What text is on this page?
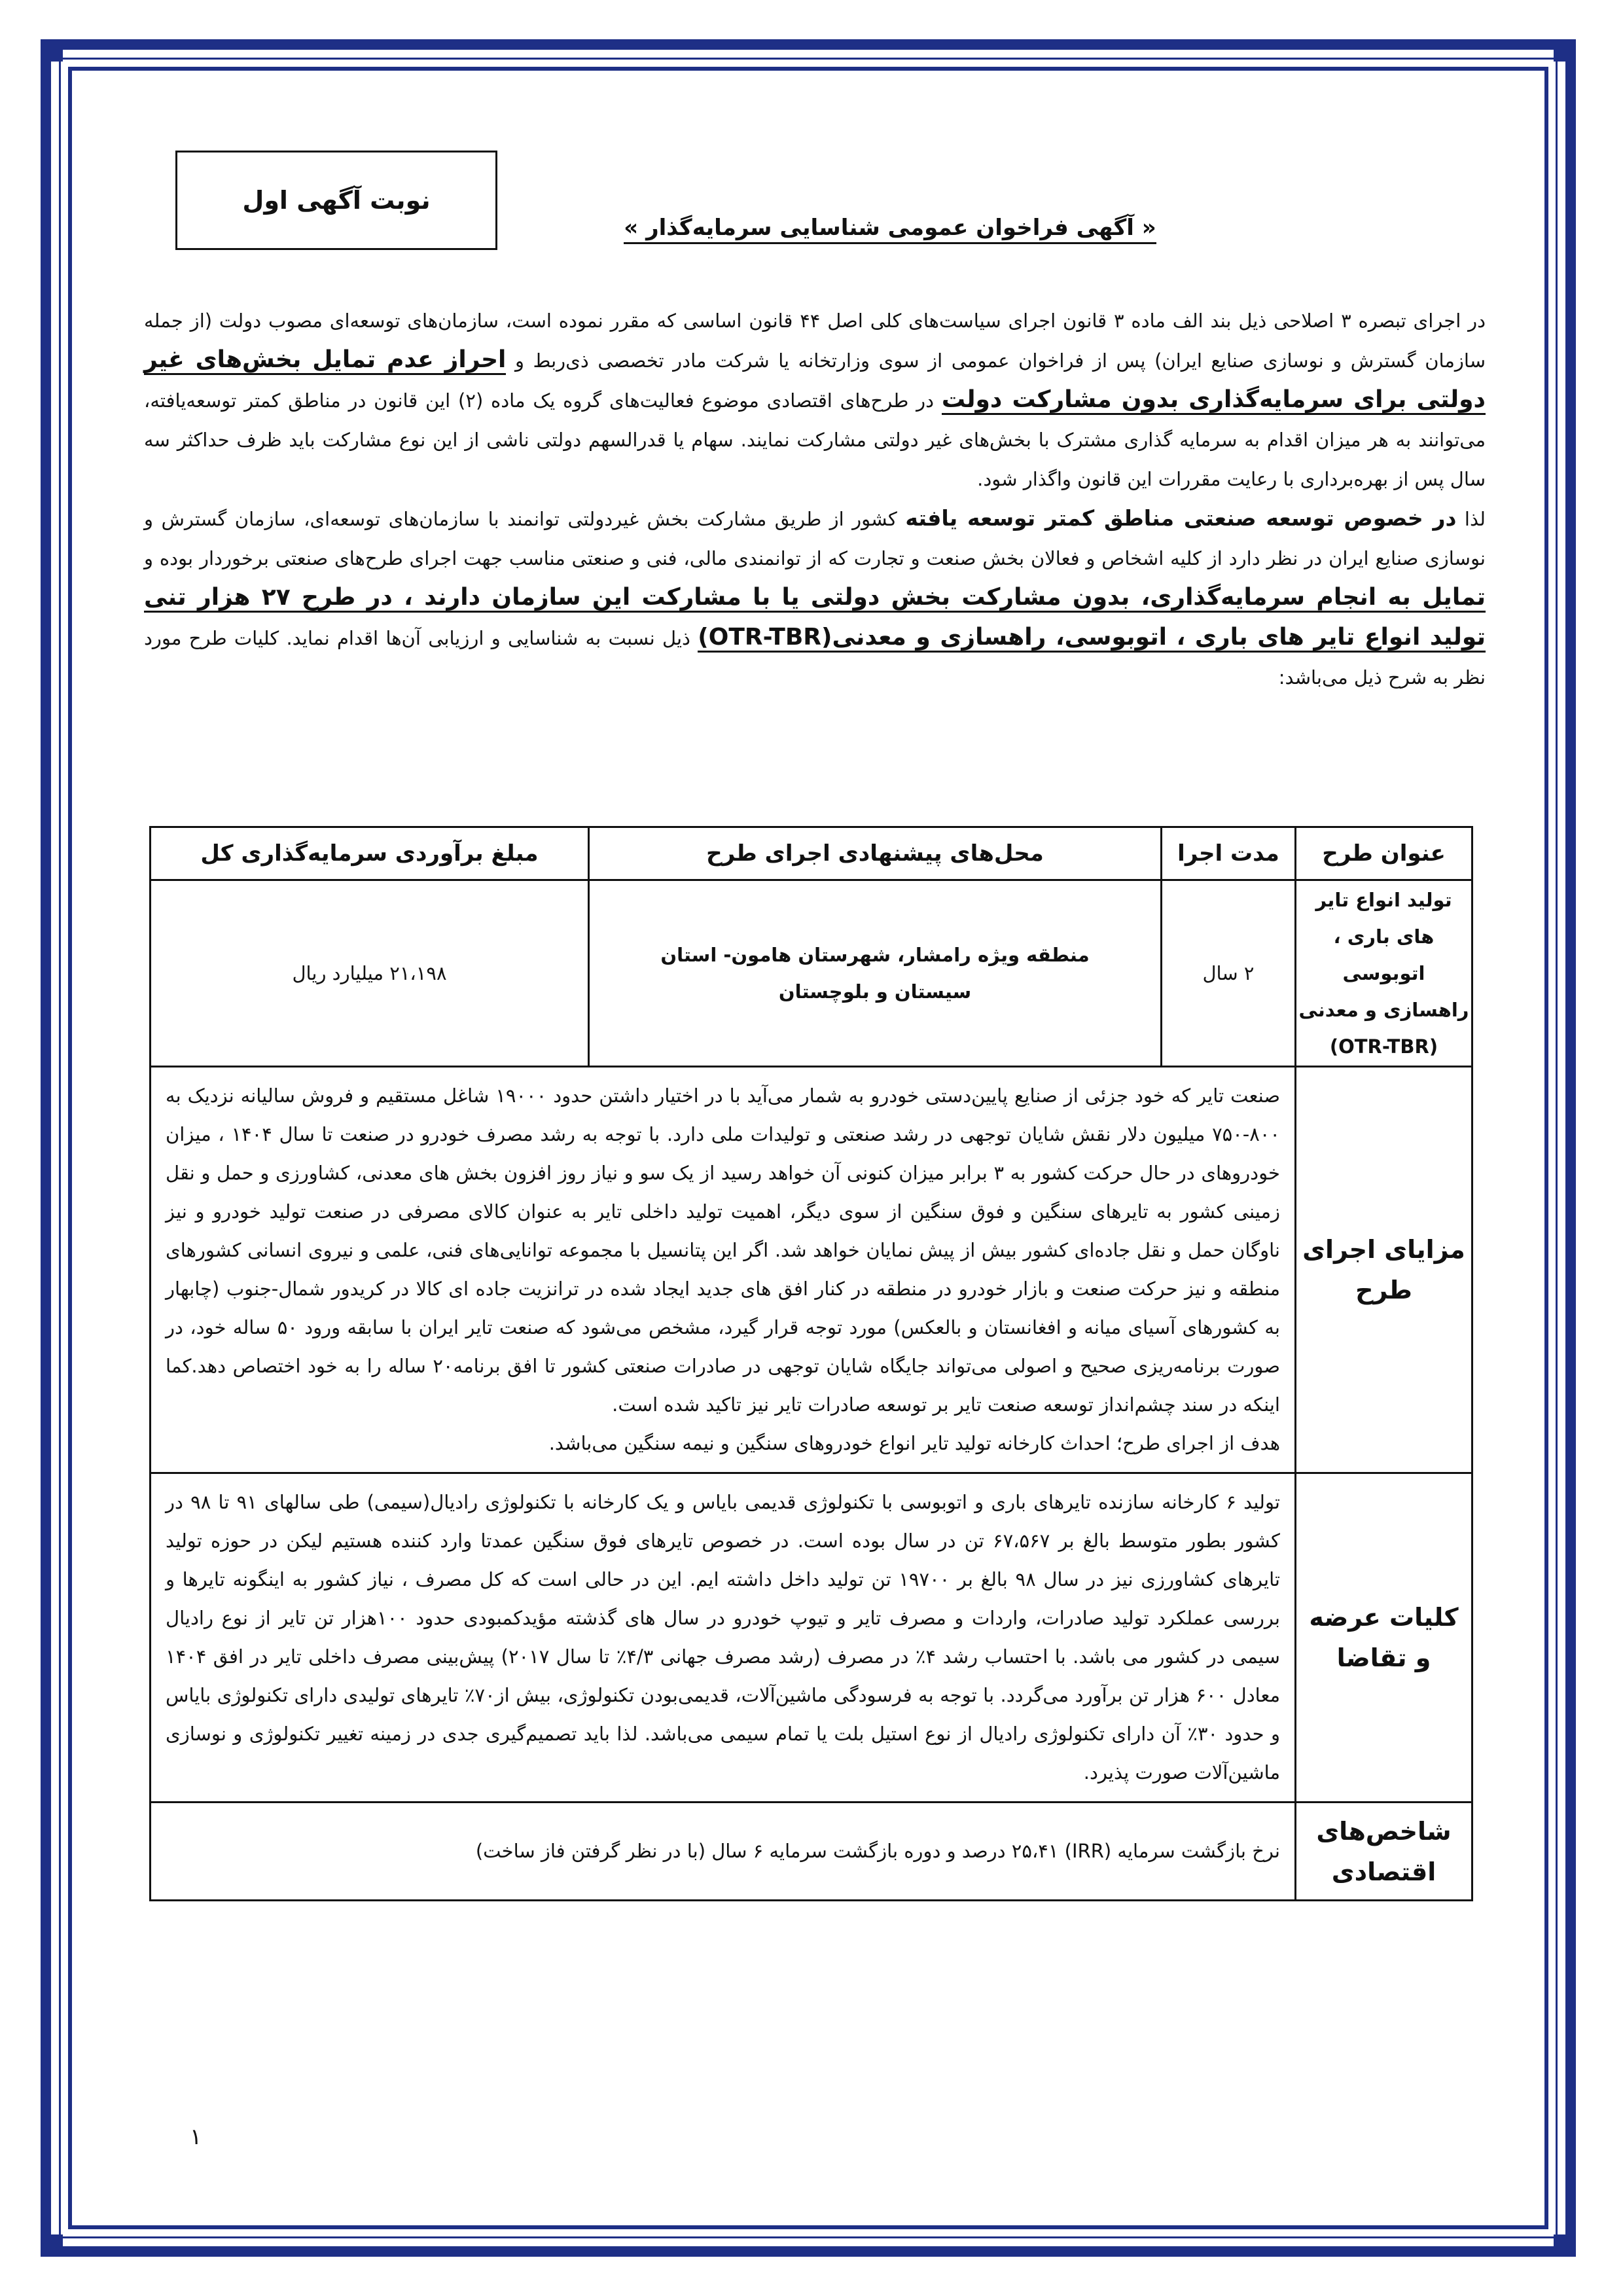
نوبت آگهی اول
« آگهی فراخوان عمومی شناسایی سرمایه‌گذار »

در اجرای تبصره ۳ اصلاحی ذیل بند الف ماده ۳ قانون اجرای سیاست‌های کلی اصل ۴۴ قانون اساسی که مقرر نموده است، سازمان‌های توسعه‌ای مصوب دولت (از جمله سازمان گسترش و نوسازی صنایع ایران) پس از فراخوان عمومی از سوی وزارتخانه یا شرکت مادر تخصصی ذی‌ربط و احراز عدم تمایل بخش‌های غیر دولتی برای سرمایه‌گذاری بدون مشارکت دولت در طرح‌های اقتصادی موضوع فعالیت‌های گروه یک ماده (۲) این قانون در مناطق کمتر توسعه‌یافته، می‌توانند به هر میزان اقدام به سرمایه گذاری مشترک با بخش‌های غیر دولتی مشارکت نمایند. سهام یا قدرالسهم دولتی ناشی از این نوع مشارکت باید ظرف حداکثر سه سال پس از بهره‌برداری با رعایت مقررات این قانون واگذار شود.

لذا در خصوص توسعه صنعتی مناطق کمتر توسعه یافته کشور از طریق مشارکت بخش غیردولتی توانمند با سازمان‌های توسعه‌ای، سازمان گسترش و نوسازی صنایع ایران در نظر دارد از کلیه اشخاص و فعالان بخش صنعت و تجارت که از توانمندی مالی، فنی و صنعتی مناسب جهت اجرای طرح‌های صنعتی برخوردار بوده و تمایل به انجام سرمایه‌گذاری، بدون مشارکت بخش دولتی یا با مشارکت این سازمان دارند ، در طرح ۲۷ هزار تنی تولید انواع تایر های باری ، اتوبوسی، راهسازی و معدنی(OTR-TBR) ذیل نسبت به شناسایی و ارزیابی آن‌ها اقدام نماید. کلیات طرح مورد نظر به شرح ذیل می‌باشد:

عنوان طرح	مدت اجرا	محل‌های پیشنهادی اجرای طرح	مبلغ برآوردی سرمایه‌گذاری کل

تولید انواع تایر های باری ، اتوبوسی راهسازی و معدنی
(OTR-TBR)	۲ سال	منطقه ویژه رامشار، شهرستان هامون- استان سیستان و بلوچستان	۲۱،۱۹۸ میلیارد ریال
مزایای اجرای طرح	صنعت تایر که خود جزئی از صنایع پایین‌دستی خودرو به شمار می‌آید با در اختیار داشتن حدود ۱۹۰۰۰ شاغل مستقیم و فروش سالیانه نزدیک به ۸۰۰-۷۵۰ میلیون دلار نقش شایان توجهی در رشد صنعتی و تولیدات ملی دارد. با توجه به رشد مصرف خودرو در صنعت تا سال ۱۴۰۴ ، میزان خودروهای در حال حرکت کشور به ۳ برابر میزان کنونی آن خواهد رسید از یک سو و نیاز روز افزون بخش های معدنی، کشاورزی و حمل و نقل زمینی کشور به تایرهای سنگین و فوق سنگین از سوی دیگر، اهمیت تولید داخلی تایر به عنوان کالای مصرفی در صنعت تولید خودرو و نیز ناوگان حمل و نقل جاده‌ای کشور بیش از پیش نمایان خواهد شد. اگر این پتانسیل با مجموعه توانایی‌های فنی، علمی و نیروی انسانی کشورهای منطقه و نیز حرکت صنعت و بازار خودرو در منطقه در کنار افق های جدید ایجاد شده در ترانزیت جاده ای کالا در کریدور شمال-جنوب (چابهار به کشورهای آسیای میانه و افغانستان و بالعکس) مورد توجه قرار گیرد، مشخص می‌شود که صنعت تایر ایران با سابقه ورود ۵۰ ساله خود، در صورت برنامه‌ریزی صحیح و اصولی می‌تواند جایگاه شایان توجهی در صادرات صنعتی کشور تا افق برنامه۲۰ ساله را به خود اختصاص دهد.کما اینکه در سند چشم‌انداز توسعه صنعت تایر بر توسعه صادرات تایر نیز تاکید شده است.
هدف از اجرای طرح؛ احداث کارخانه تولید تایر انواع خودروهای سنگین و نیمه سنگین می‌باشد.		

کلیات عرضه و تقاضا	تولید ۶ کارخانه سازنده تایرهای باری و اتوبوسی با تکنولوژی قدیمی بایاس و یک کارخانه با تکنولوژی رادیال(سیمی) طی سالهای ۹۱ تا ۹۸ در کشور بطور متوسط بالغ بر ۶۷،۵۶۷ تن در سال بوده است. در خصوص تایرهای فوق سنگین عمدتا وارد کننده هستیم لیکن در حوزه تولید تایرهای کشاورزی نیز در سال ۹۸ بالغ بر ۱۹۷۰۰ تن تولید داخل داشته ایم. این در حالی است که کل مصرف ، نیاز کشور به اینگونه تایرها و بررسی عملکرد تولید صادرات، واردات و مصرف تایر و تیوپ خودرو در سال های گذشته مؤیدکمبودی حدود ۱۰۰هزار تن تایر از نوع رادیال سیمی در کشور می باشد. با احتساب رشد ۴٪ در مصرف (رشد مصرف جهانی ۴/۳٪ تا سال ۲۰۱۷) پیش‌بینی مصرف داخلی تایر در افق ۱۴۰۴ معادل ۶۰۰ هزار تن برآورد می‌گردد. با توجه به فرسودگی ماشین‌آلات، قدیمی‌بودن تکنولوژی، بیش از۷۰٪ تایرهای تولیدی دارای تکنولوژی بایاس و حدود ۳۰٪ آن دارای تکنولوژی رادیال از نوع استیل بلت یا تمام سیمی می‌باشد. لذا باید تصمیم‌گیری جدی در زمینه تغییر تکنولوژی و نوسازی ماشین‌آلات صورت پذیرد.		
شاخص‌های اقتصادی	نرخ بازگشت سرمایه (IRR) ۲۵،۴۱ درصد و دوره بازگشت سرمایه ۶ سال (با در نظر گرفتن فاز ساخت)		
۱
